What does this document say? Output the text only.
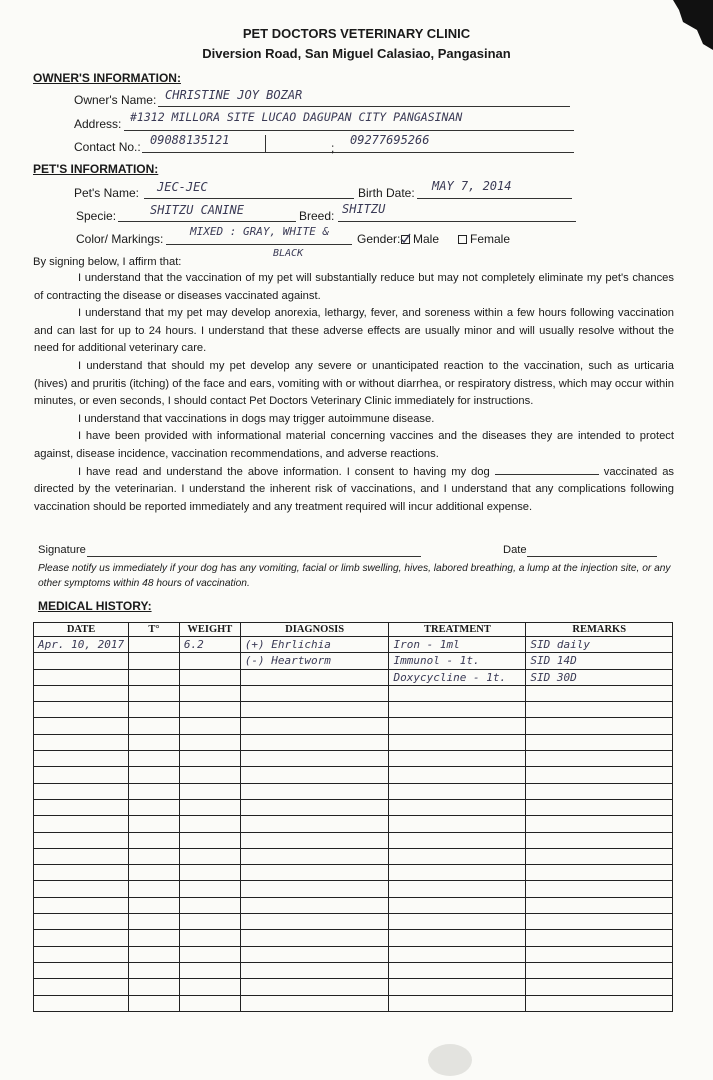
PET DOCTORS VETERINARY CLINIC
Diversion Road, San Miguel Calasiao, Pangasinan
OWNER'S INFORMATION:
Owner's Name: CHRISTINE JOY BOZAR
Address: #1312 MILLORA SITE LUCAO DAGUPAN CITY PANGASINAN
Contact No.: 09088135121
;
09277695266
PET'S INFORMATION:
Pet's Name: JEC-JEC	Birth Date: MAY 7, 2014
Specie:	SHITZU CANINE	Breed: SHITZU
Color/ Markings:
MIXED : GRAY, WHITE &
BLACK
Gender:	Male	Female
By signing below, I affirm that:

I understand that the vaccination of my pet will substantially reduce but may not completely eliminate my pet's chances of contracting the disease or diseases vaccinated against.

I understand that my pet may develop anorexia, lethargy, fever, and soreness within a few hours following vaccination and can last for up to 24 hours. I understand that these adverse effects are usually minor and will usually resolve without the need for additional veterinary care.

I understand that should my pet develop any severe or unanticipated reaction to the vaccination, such as urticaria (hives) and pruritis (itching) of the face and ears, vomiting with or without diarrhea, or respiratory distress, which may occur within minutes, or even seconds, I should contact Pet Doctors Veterinary Clinic immediately for instructions.

I understand that vaccinations in dogs may trigger autoimmune disease.

I have been provided with informational material concerning vaccines and the diseases they are intended to protect against, disease incidence, vaccination recommendations, and adverse reactions.

I have read and understand the above information. I consent to having my dog	vaccinated as directed by the veterinarian. I understand the inherent risk of vaccinations, and I understand that any complications following vaccination should be reported immediately and any treatment required will incur additional expense.

Signature	Date
Please notify us immediately if your dog has any vomiting, facial or limb swelling, hives, labored breathing, a lump at the injection site, or any other symptoms within 48 hours of vaccination.
MEDICAL HISTORY:
DATE	T°	WEIGHT	DIAGNOSIS	TREATMENT	REMARKS
Apr. 10, 2017		6.2	(+) Ehrlichia	Iron - 1ml	SID daily
			(-) Heartworm	Immunol - 1t.	SID 14D
				Doxycycline - 1t.	SID 30D
